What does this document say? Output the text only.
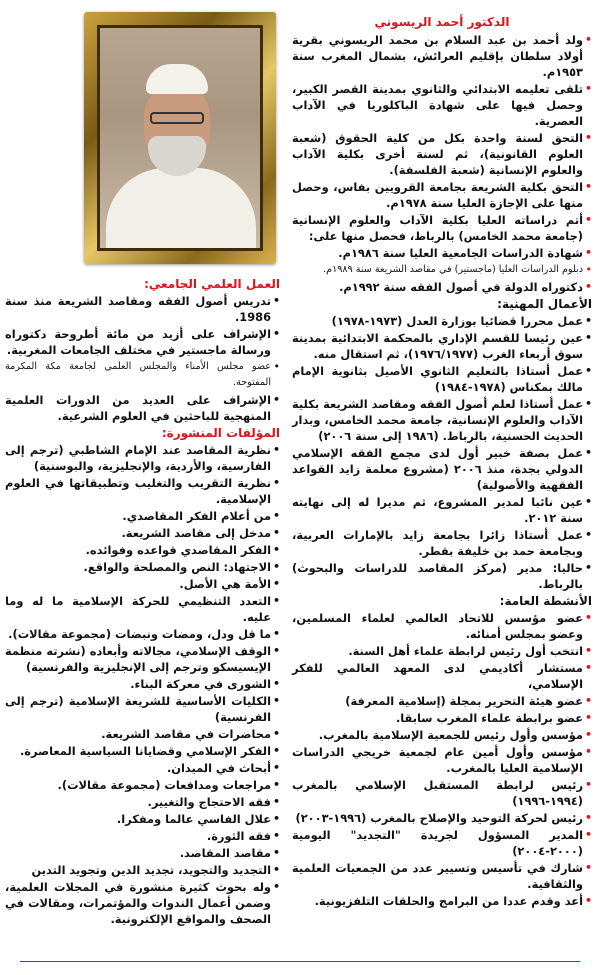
الدكتور أحمد الريسوني
• ولد أحمد بن عبد السلام بن محمد الريسوني بقرية أولاد سلطان بإقليم العرائش، بشمال المغرب سنة ١٩٥٣م.
• تلقى تعليمه الابتدائي والثانوي بمدينة القصر الكبير، وحصل فيها على شهادة الباكلوريا في الآداب العصرية.
• التحق لسنة واحدة بكل من كلية الحقوق (شعبة العلوم القانونية)، ثم لسنة أخرى بكلية الآداب والعلوم الإنسانية (شعبة الفلسفة).
• التحق بكلية الشريعة بجامعة القرويين بفاس، وحصل منها على الإجازة العليا سنة ١٩٧٨م.
• أتم دراساته العليا بكلية الآداب والعلوم الإنسانية (جامعة محمد الخامس) بالرباط، فحصل منها على:
• شهادة الدراسات الجامعية العليا سنة ١٩٨٦م.
• دبلوم الدراسات العليا (ماجستير) في مقاصد الشريعة سنة ١٩٨٩م.
• دكتوراه الدولة في أصول الفقه سنة ١٩٩٢م.
الأعمال المهنية:
• عمل محررا قضائيا بوزارة العدل (١٩٧٣-١٩٧٨)
• عين رئيسا للقسم الإداري بالمحكمة الابتدائية بمدينة سوق أربعاء الغرب (١٩٧٦/١٩٧٧)، ثم استقال منه.
• عمل أستاذا بالتعليم الثانوي الأصيل بثانوية الإمام مالك بمكناس (١٩٧٨-١٩٨٤)
• عمل أستاذا لعلم أصول الفقه ومقاصد الشريعة بكلية الآداب والعلوم الإنسانية، جامعة محمد الخامس، وبدار الحديث الحسنية، بالرباط. (١٩٨٦ إلى سنة ٢٠٠٦)
• عمل بصفة خبير أول لدى مجمع الفقه الإسلامي الدولي بجدة، منذ ٢٠٠٦ (مشروع معلمة زايد القواعد الفقهية والأصولية)
• عين نائبا لمدير المشروع، ثم مديرا له إلى نهايته سنة ٢٠١٢.
• عمل أستاذا زائرا بجامعة زايد بالإمارات العربية، وبجامعة حمد بن خليفة بقطر.
• حاليا: مدير (مركز المقاصد للدراسات والبحوث) بالرباط.
الأنشطة العامة:
• عضو مؤسس للاتحاد العالمي لعلماء المسلمين، وعضو بمجلس أمنائه.
• انتخب أول رئيس لرابطة علماء أهل السنة.
• مستشار أكاديمي لدى المعهد العالمي للفكر الإسلامي،
• عضو هيئة التحرير بمجلة (إسلامية المعرفة)
• عضو برابطة علماء المغرب سابقا.
• مؤسس وأول رئيس للجمعية الإسلامية بالمغرب.
• مؤسس وأول أمين عام لجمعية خريجي الدراسات الإسلامية العليا بالمغرب.
• رئيس لرابطة المستقبل الإسلامي بالمغرب (١٩٩٤-١٩٩٦)
• رئيس لحركة التوحيد والإصلاح بالمغرب (١٩٩٦-٢٠٠٣)
• المدير المسؤول لجريدة "التجديد" اليومية (٢٠٠٠-٢٠٠٤)
• شارك في تأسيس وتسيير عدد من الجمعيات العلمية والثقافية.
• أعد وقدم عددا من البرامج والحلقات التلفزيونية.
العمل العلمي الجامعي:
• تدريس أصول الفقه ومقاصد الشريعة منذ سنة 1986.
• الإشراف على أزيد من مائة أطروحة دكتوراه ورسالة ماجستير في مختلف الجامعات المغربية.
• عضو مجلس الأمناء والمجلس العلمي لجامعة مكة المكرمة المفتوحة.
• الإشراف على العديد من الدورات العلمية المنهجية للباحثين في العلوم الشرعية.
المؤلفات المنشورة:
• نظرية المقاصد عند الإمام الشاطبي (ترجم إلى الفارسية، والأردية، والإنجليزية، والبوسنية)
• نظرية التقريب والتغليب وتطبيقاتها في العلوم الإسلامية.
• من أعلام الفكر المقاصدي.
• مدخل إلى مقاصد الشريعة.
• الفكر المقاصدي قواعده وفوائده.
• الاجتهاد: النص والمصلحة والواقع.
• الأمة هي الأصل.
• التعدد التنظيمي للحركة الإسلامية ما له وما عليه.
• ما قل ودل، ومضات ونبضات (مجموعة مقالات).
• الوقف الإسلامي، مجالاته وأبعاده (نشرته منظمة الإيسيسكو وترجم إلى الإنجليزية والفرنسية)
• الشورى في معركة البناء.
• الكليات الأساسية للشريعة الإسلامية (ترجم إلى الفرنسية)
• محاضرات في مقاصد الشريعة.
• الفكر الإسلامي وقضايانا السياسية المعاصرة.
• أبحاث في الميدان.
• مراجعات ومدافعات (مجموعة مقالات).
• فقه الاحتجاج والتغيير.
• علال الفاسي عالما ومفكرا.
• فقه الثورة.
• مقاصد المقاصد.
• التجديد والتجويد، تجديد الدين وتجويد التدين
• وله بحوث كثيرة منشورة في المجلات العلمية، وضمن أعمال الندوات والمؤتمرات، ومقالات في الصحف والمواقع الإلكترونية.
